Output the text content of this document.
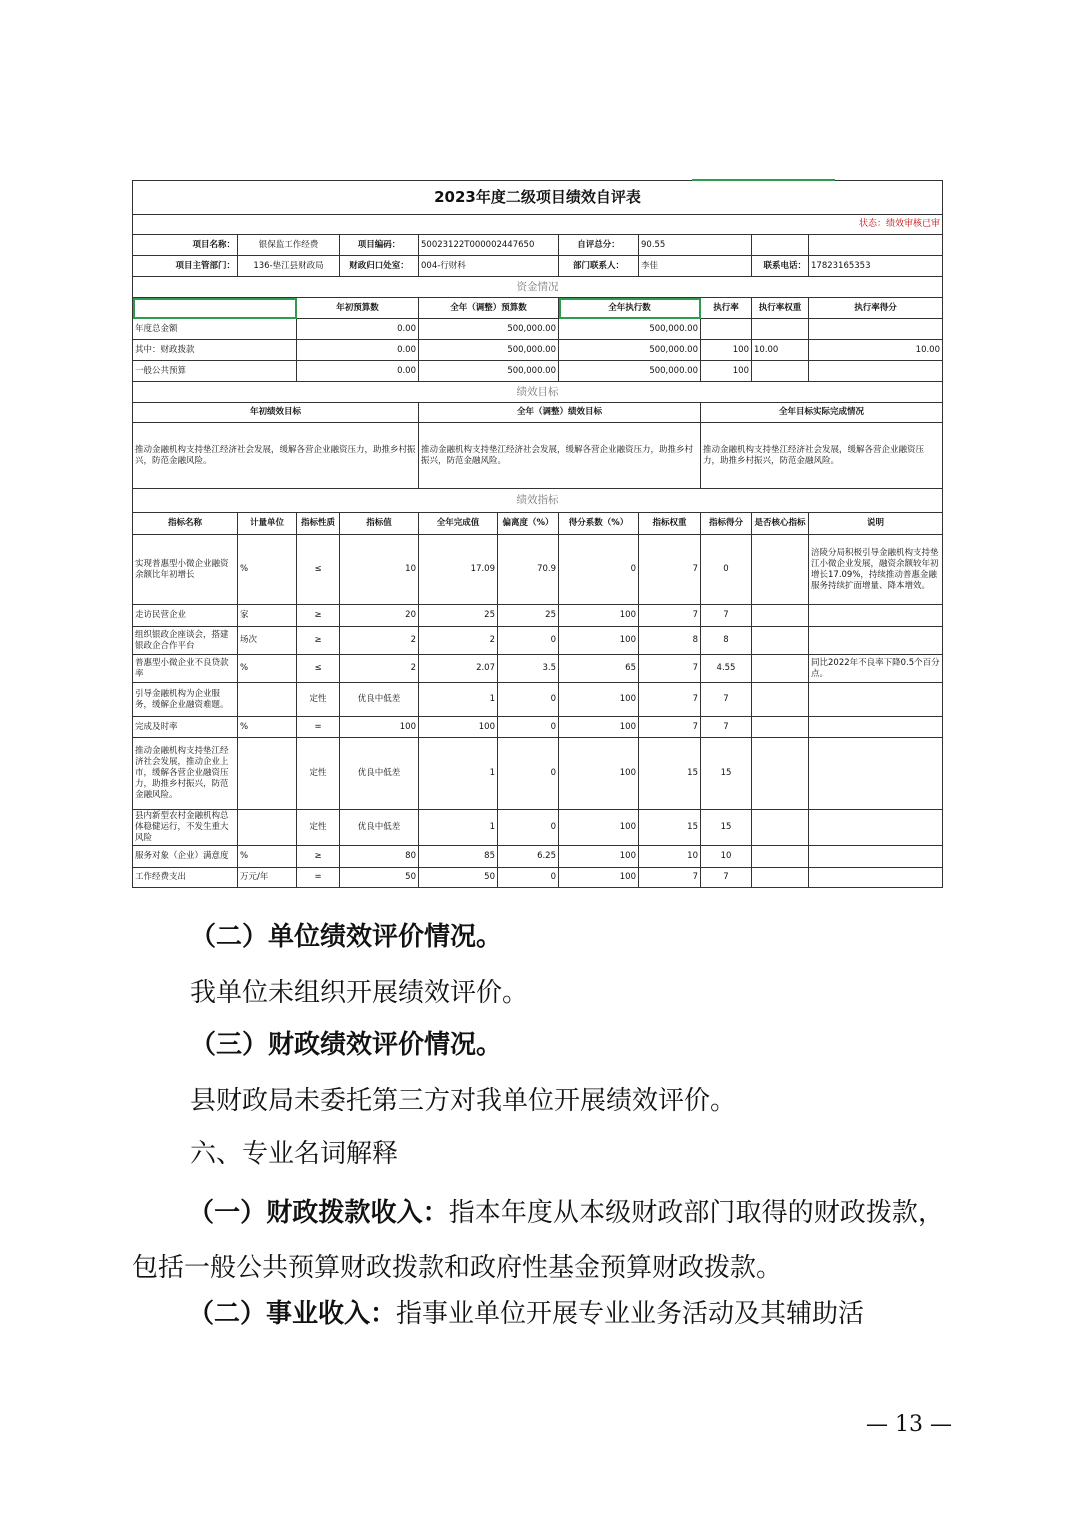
2023年度二级项目绩效自评表										
状态：绩效审核已审										
项目名称：	银保监工作经费		项目编码：	50023122T000002447650		自评总分：	90.55			
项目主管部门：	136-垫江县财政局		财政归口处室：	004-行财科		部门联系人：	李佳		联系电话：	17823165353
资金情况										
		年初预算数		全年（调整）预算数		全年执行数		执行率	执行率权重	执行率得分
年度总金额		0.00		500,000.00		500,000.00				
其中：财政拨款		0.00		500,000.00		500,000.00		100	10.00	10.00
一般公共预算		0.00		500,000.00		500,000.00		100		
绩效目标										
年初绩效目标				全年（调整）绩效目标				全年目标实际完成情况		
推动金融机构支持垫江经济社会发展，缓解各营企业融资压力，助推乡村振兴，防范金融风险。				推动金融机构支持垫江经济社会发展，缓解各营企业融资压力，助推乡村振兴，防范金融风险。				推动金融机构支持垫江经济社会发展，缓解各营企业融资压力，助推乡村振兴，防范金融风险。		
绩效指标										
指标名称	计量单位	指标性质	指标值	全年完成值	偏离度（%）	得分系数（%）	指标权重	指标得分	是否核心指标	说明
实现普惠型小微企业融资余额比年初增长	%	≤	10	17.09	70.9	0	7	0		涪陵分局积极引导金融机构支持垫江小微企业发展，融资余额较年初增长17.09%，持续推动普惠金融服务持续扩面增量、降本增效。
走访民营企业	家	≥	20	25	25	100	7	7		
组织银政企座谈会，搭建银政企合作平台	场次	≥	2	2	0	100	8	8		
普惠型小微企业不良贷款率	%	≤	2	2.07	3.5	65	7	4.55		同比2022年不良率下降0.5个百分点。
引导金融机构为企业服务，缓解企业融资难题。		定性	优良中低差	1	0	100	7	7		
完成及时率	%	=	100	100	0	100	7	7		
推动金融机构支持垫江经济社会发展，推动企业上市，缓解各营企业融资压力，助推乡村振兴，防范金融风险。		定性	优良中低差	1	0	100	15	15		
县内新型农村金融机构总体稳健运行，不发生重大风险		定性	优良中低差	1	0	100	15	15		
服务对象（企业）满意度	%	≥	80	85	6.25	100	10	10		
工作经费支出	万元/年	=	50	50	0	100	7	7		
（二）单位绩效评价情况。
我单位未组织开展绩效评价。
（三）财政绩效评价情况。
县财政局未委托第三方对我单位开展绩效评价。
六、专业名词解释
（一）财政拨款收入：指本年度从本级财政部门取得的财政拨款，包括一般公共预算财政拨款和政府性基金预算财政拨款。
（二）事业收入：指事业单位开展专业业务活动及其辅助活
— 13 —
